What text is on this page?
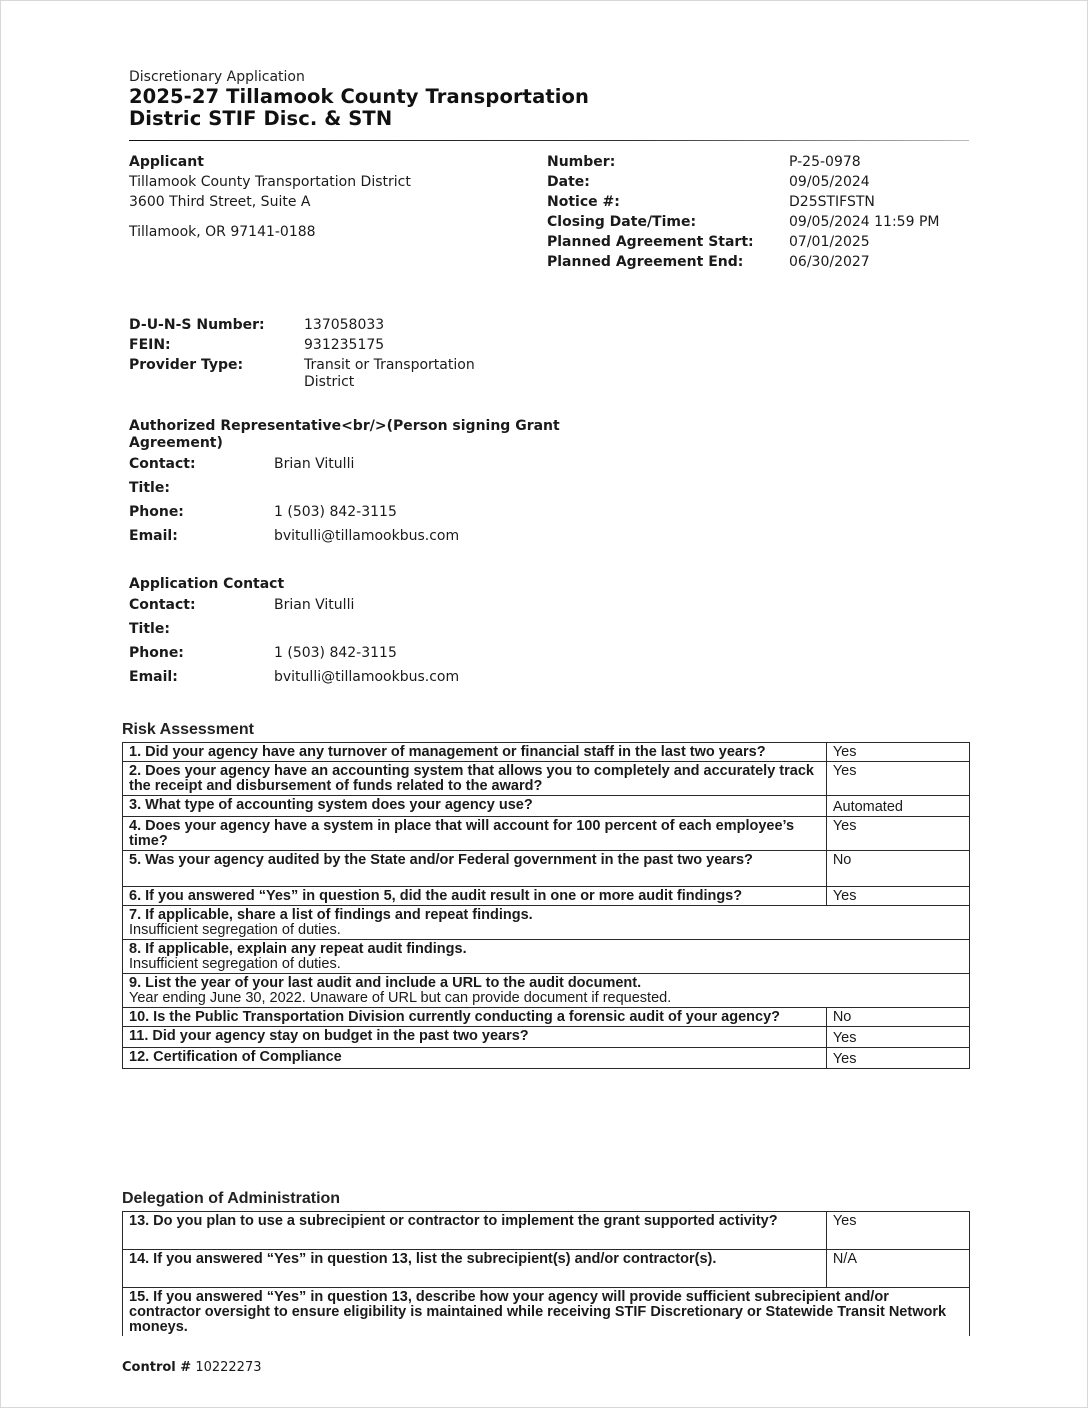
Discretionary Application
2025-27 Tillamook County Transportation
Distric STIF Disc. & STN
Applicant
Tillamook County Transportation District
3600 Third Street, Suite A
Tillamook, OR 97141-0188
Number:	P-25-0978
Date:	09/05/2024
Notice #:	D25STIFSTN
Closing Date/Time:	09/05/2024 11:59 PM
Planned Agreement Start:	07/01/2025
Planned Agreement End:	06/30/2027
D-U-N-S Number:	137058033
FEIN:	931235175
Provider Type:	Transit or Transportation District
Authorized Representative<br/>(Person signing Grant Agreement)
Contact:	Brian Vitulli
Title:
Phone:	1 (503) 842-3115
Email:	bvitulli@tillamookbus.com
Application Contact
Contact:	Brian Vitulli
Title:
Phone:	1 (503) 842-3115
Email:	bvitulli@tillamookbus.com
Risk Assessment
1. Did your agency have any turnover of management or financial staff in the last two years?	Yes
2. Does your agency have an accounting system that allows you to completely and accurately track the receipt and disbursement of funds related to the award?	Yes
3. What type of accounting system does your agency use?	Automated
4. Does your agency have a system in place that will account for 100 percent of each employee’s time?	Yes
5. Was your agency audited by the State and/or Federal government in the past two years?	No
6. If you answered “Yes” in question 5, did the audit result in one or more audit findings?	Yes

7. If applicable, share a list of findings and repeat findings.
Insufficient segregation of duties.	

8. If applicable, explain any repeat audit findings.
Insufficient segregation of duties.	

9. List the year of your last audit and include a URL to the audit document.
Year ending June 30, 2022. Unaware of URL but can provide document if requested.	

10. Is the Public Transportation Division currently conducting a forensic audit of your agency?	No
11. Did your agency stay on budget in the past two years?	Yes
12. Certification of Compliance	Yes
Delegation of Administration
13. Do you plan to use a subrecipient or contractor to implement the grant supported activity?	Yes
14. If you answered “Yes” in question 13, list the subrecipient(s) and/or contractor(s).	N/A

15. If you answered “Yes” in question 13, describe how your agency will provide sufficient subrecipient and/or contractor oversight to ensure eligibility is maintained while receiving STIF Discretionary or Statewide Transit Network moneys.	
Control # 10222273
